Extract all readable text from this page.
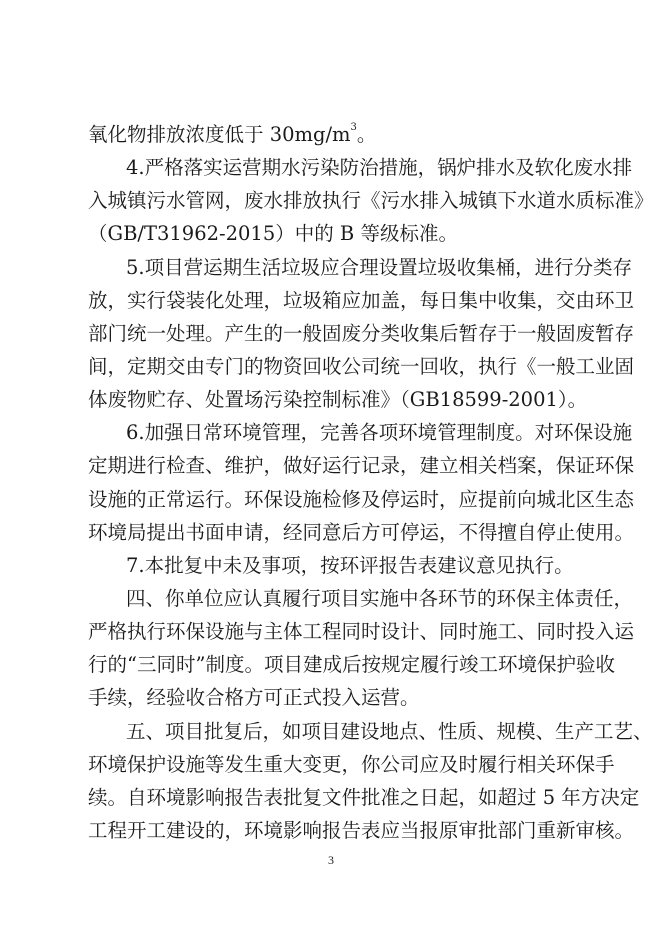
氧化物排放浓度低于 $30mg/m^3$。
4.严格落实运营期水污染防治措施，锅炉排水及软化废水排
入城镇污水管网，废水排放执行《污水排入城镇下水道水质标准》
（GB/T31962-2015）中的 B 等级标准。
5.项目营运期生活垃圾应合理设置垃圾收集桶，进行分类存
放，实行袋装化处理，垃圾箱应加盖，每日集中收集，交由环卫
部门统一处理。产生的一般固废分类收集后暂存于一般固废暂存
间，定期交由专门的物资回收公司统一回收，执行《一般工业固
体废物贮存、处置场污染控制标准》（GB18599-2001）。
6.加强日常环境管理，完善各项环境管理制度。对环保设施
定期进行检查、维护，做好运行记录，建立相关档案，保证环保
设施的正常运行。环保设施检修及停运时，应提前向城北区生态
环境局提出书面申请，经同意后方可停运，不得擅自停止使用。
7.本批复中未及事项，按环评报告表建议意见执行。
四、你单位应认真履行项目实施中各环节的环保主体责任，
严格执行环保设施与主体工程同时设计、同时施工、同时投入运
行的“三同时”制度。项目建成后按规定履行竣工环境保护验收
手续，经验收合格方可正式投入运营。
五、项目批复后，如项目建设地点、性质、规模、生产工艺、
环境保护设施等发生重大变更，你公司应及时履行相关环保手
续。自环境影响报告表批复文件批准之日起，如超过 5 年方决定
工程开工建设的，环境影响报告表应当报原审批部门重新审核。
3
